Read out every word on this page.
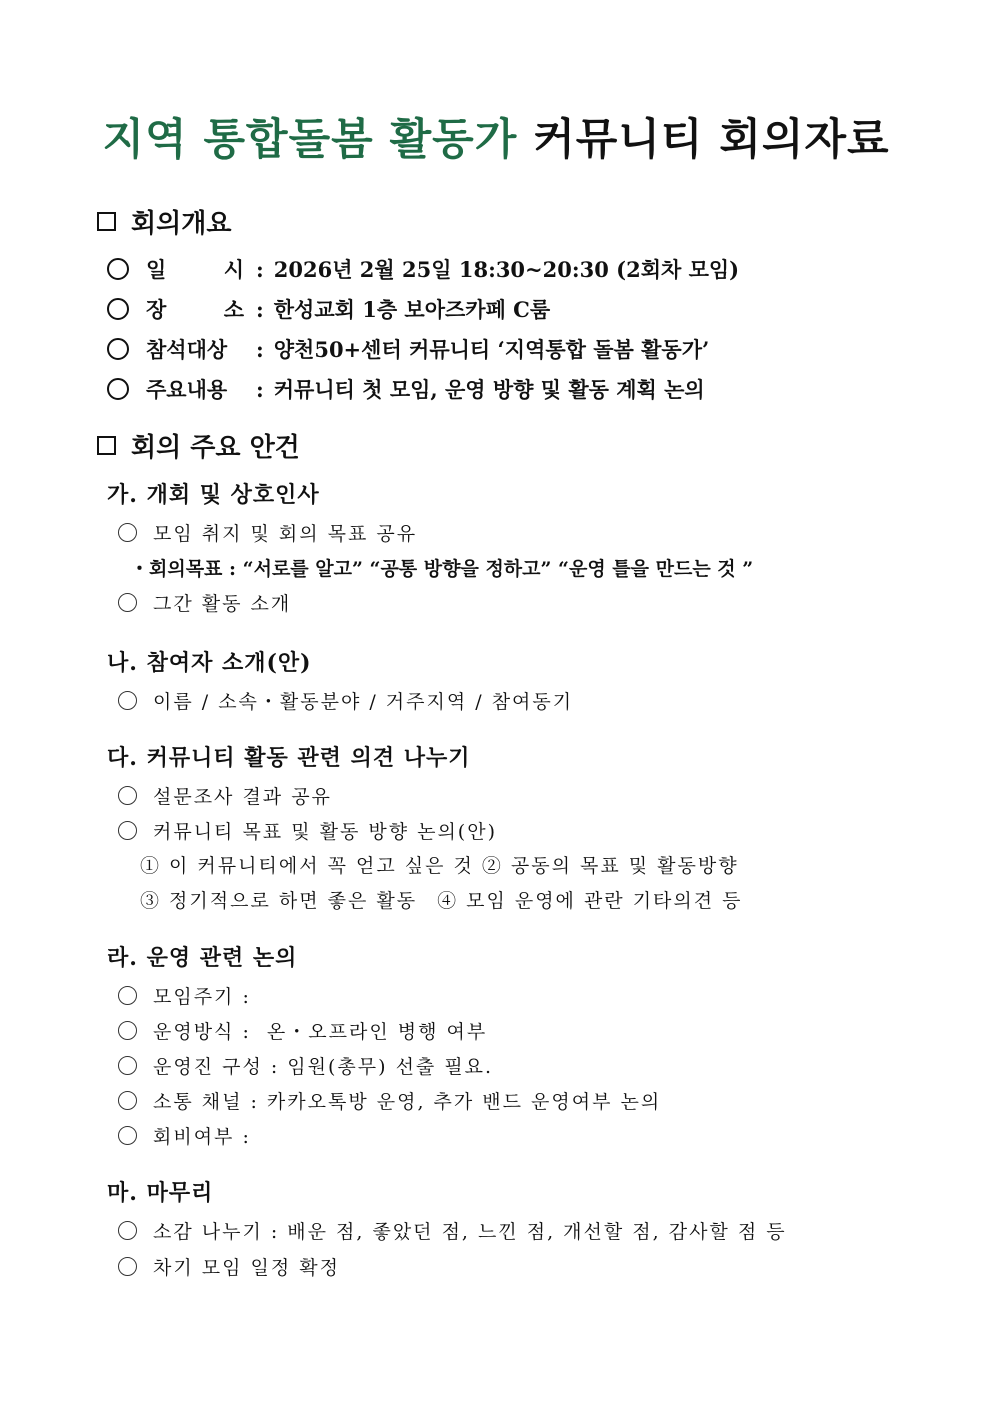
지역 통합돌봄 활동가 커뮤니티 회의자료
회의개요
일	시 : 2026년 2월 25일 18:30~20:30 (2회차 모임)
장	소 : 한성교회 1층 보아즈카페 C룸
참석대상	: 양천50+센터 커뮤니티 ‘지역통합 돌봄 활동가’
주요내용	: 커뮤니티 첫 모임, 운영 방향 및 활동 계획 논의
회의 주요 안건
가. 개회 및 상호인사
모임 취지 및 회의 목표 공유
・회의목표 : “서로를 알고” “공통 방향을 정하고” “운영 틀을 만드는 것 ”
그간 활동 소개
나. 참여자 소개(안)
이름 / 소속・활동분야 / 거주지역 / 참여동기
다. 커뮤니티 활동 관련 의견 나누기
설문조사 결과 공유
커뮤니티 목표 및 활동 방향 논의(안)
① 이 커뮤니티에서 꼭 얻고 싶은 것 ② 공동의 목표 및 활동방향
③ 정기적으로 하면 좋은 활동 ④ 모임 운영에 관란 기타의견 등
라. 운영 관련 논의
모임주기 :
운영방식 :  온・오프라인 병행 여부
운영진 구성 : 임원(총무) 선출 필요.
소통 채널 : 카카오톡방 운영, 추가 밴드 운영여부 논의
회비여부 :
마. 마무리
소감 나누기 : 배운 점, 좋았던 점, 느낀 점, 개선할 점, 감사할 점 등
차기 모임 일정 확정
